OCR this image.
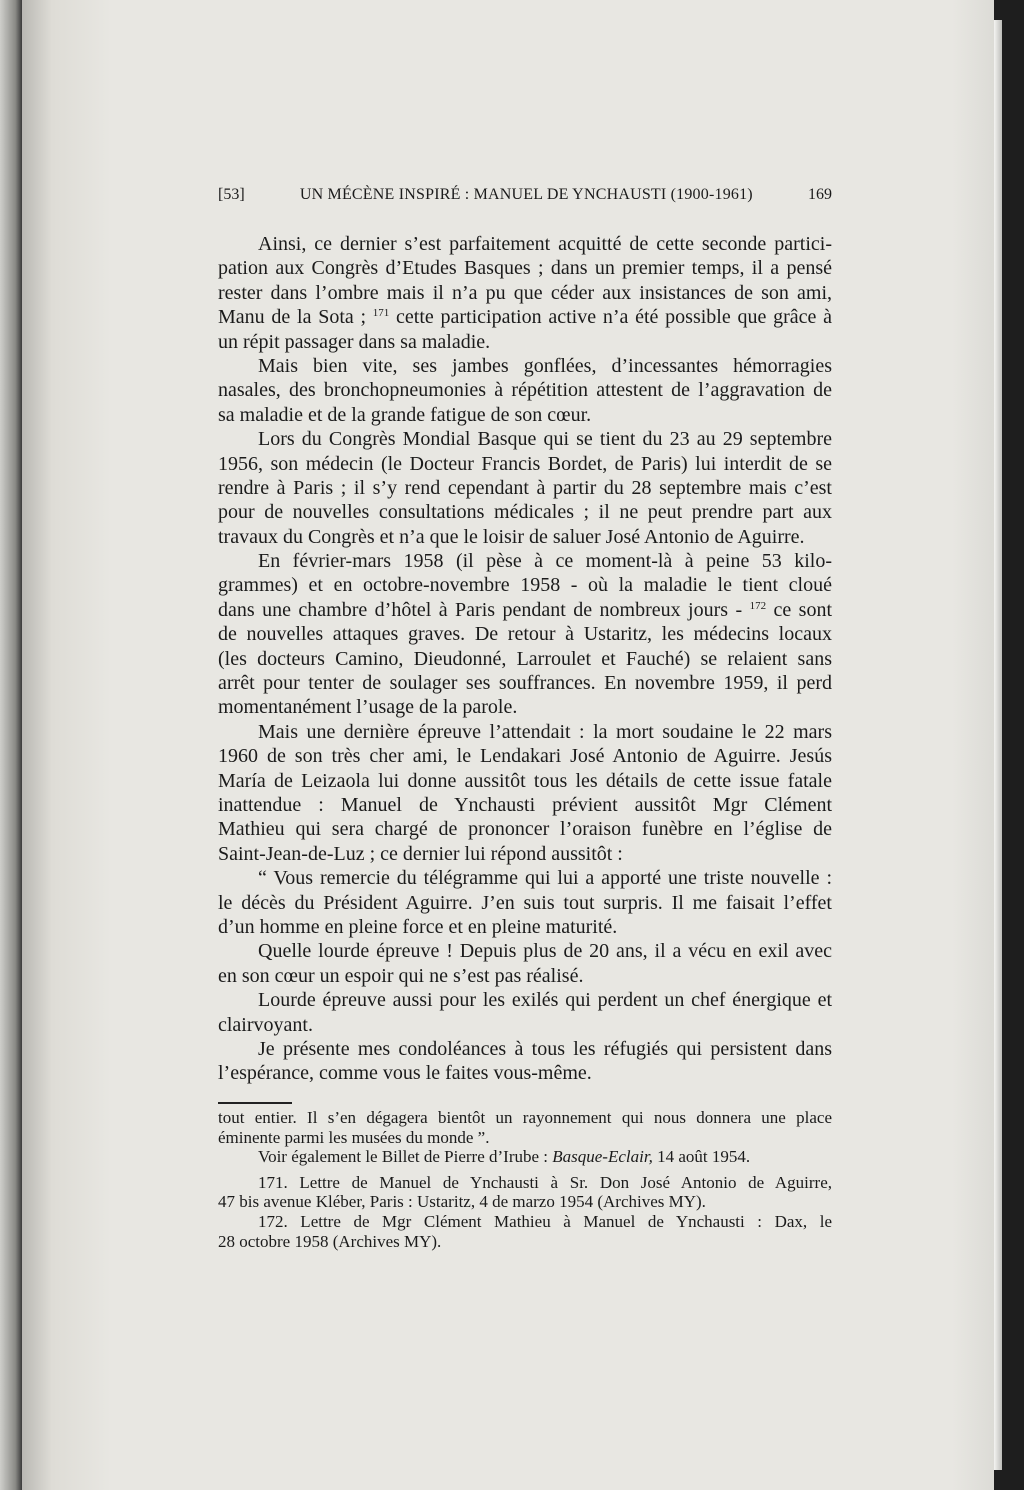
[53]	UN MÉCÈNE INSPIRÉ : MANUEL DE YNCHAUSTI (1900-1961)	169
Ainsi, ce dernier s’est parfaitement acquitté de cette seconde partici-
pation aux Congrès d’Etudes Basques ; dans un premier temps, il a pensé
rester dans l’ombre mais il n’a pu que céder aux insistances de son ami,
Manu de la Sota ; $^{171}$ cette participation active n’a été possible que grâce à
un répit passager dans sa maladie.
Mais bien vite, ses jambes gonflées, d’incessantes hémorragies
nasales, des bronchopneumonies à répétition attestent de l’aggravation de
sa maladie et de la grande fatigue de son cœur.
Lors du Congrès Mondial Basque qui se tient du 23 au 29 septembre
1956, son médecin (le Docteur Francis Bordet, de Paris) lui interdit de se
rendre à Paris ; il s’y rend cependant à partir du 28 septembre mais c’est
pour de nouvelles consultations médicales ; il ne peut prendre part aux
travaux du Congrès et n’a que le loisir de saluer José Antonio de Aguirre.
En février-mars 1958 (il pèse à ce moment-là à peine 53 kilo-
grammes) et en octobre-novembre 1958 - où la maladie le tient cloué
dans une chambre d’hôtel à Paris pendant de nombreux jours - $^{172}$ ce sont
de nouvelles attaques graves. De retour à Ustaritz, les médecins locaux
(les docteurs Camino, Dieudonné, Larroulet et Fauché) se relaient sans
arrêt pour tenter de soulager ses souffrances. En novembre 1959, il perd
momentanément l’usage de la parole.
Mais une dernière épreuve l’attendait : la mort soudaine le 22 mars
1960 de son très cher ami, le Lendakari José Antonio de Aguirre. Jesús
María de Leizaola lui donne aussitôt tous les détails de cette issue fatale
inattendue : Manuel de Ynchausti prévient aussitôt Mgr Clément
Mathieu qui sera chargé de prononcer l’oraison funèbre en l’église de
Saint-Jean-de-Luz ; ce dernier lui répond aussitôt :
“ Vous remercie du télégramme qui lui a apporté une triste nouvelle :
le décès du Président Aguirre. J’en suis tout surpris. Il me faisait l’effet
d’un homme en pleine force et en pleine maturité.
Quelle lourde épreuve ! Depuis plus de 20 ans, il a vécu en exil avec
en son cœur un espoir qui ne s’est pas réalisé.
Lourde épreuve aussi pour les exilés qui perdent un chef énergique et
clairvoyant.
Je présente mes condoléances à tous les réfugiés qui persistent dans
l’espérance, comme vous le faites vous-même.
tout entier. Il s’en dégagera bientôt un rayonnement qui nous donnera une place
éminente parmi les musées du monde ”.
Voir également le Billet de Pierre d’Irube : Basque-Eclair, 14 août 1954.
171. Lettre de Manuel de Ynchausti à Sr. Don José Antonio de Aguirre,
47 bis avenue Kléber, Paris : Ustaritz, 4 de marzo 1954 (Archives MY).
172. Lettre de Mgr Clément Mathieu à Manuel de Ynchausti : Dax, le
28 octobre 1958 (Archives MY).
